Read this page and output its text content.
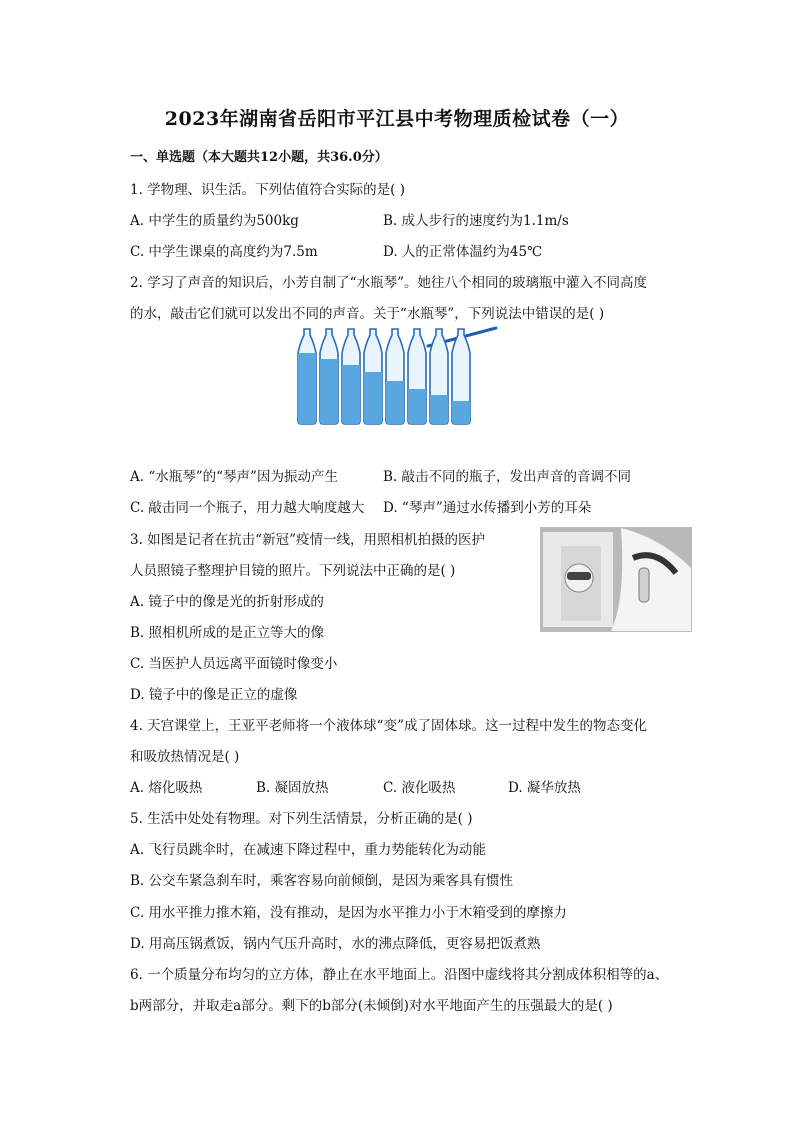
2023年湖南省岳阳市平江县中考物理质检试卷（一）
一、单选题（本大题共12小题，共36.0分）
1. 学物理、识生活。下列估值符合实际的是( )
A. 中学生的质量约为500kg	B. 成人步行的速度约为1.1m/s
C. 中学生课桌的高度约为7.5m	D. 人的正常体温约为45℃
2. 学习了声音的知识后，小芳自制了“水瓶琴”。她往八个相同的玻璃瓶中灌入不同高度
的水，敲击它们就可以发出不同的声音。关于“水瓶琴”，下列说法中错误的是( )
A. “水瓶琴”的“琴声”因为振动产生	B. 敲击不同的瓶子，发出声音的音调不同
C. 敲击同一个瓶子，用力越大响度越大 D. “琴声”通过水传播到小芳的耳朵
3. 如图是记者在抗击“新冠”疫情一线，用照相机拍摄的医护
人员照镜子整理护目镜的照片。下列说法中正确的是( )
A. 镜子中的像是光的折射形成的
B. 照相机所成的是正立等大的像
C. 当医护人员远离平面镜时像变小
D. 镜子中的像是正立的虚像
4. 天宫课堂上，王亚平老师将一个液体球“变”成了固体球。这一过程中发生的物态变化
和吸放热情况是( )
A. 熔化吸热	B. 凝固放热	C. 液化吸热	D. 凝华放热
5. 生活中处处有物理。对下列生活情景，分析正确的是( )
A. 飞行员跳伞时，在减速下降过程中，重力势能转化为动能
B. 公交车紧急刹车时，乘客容易向前倾倒，是因为乘客具有惯性
C. 用水平推力推木箱，没有推动，是因为水平推力小于木箱受到的摩擦力
D. 用高压锅煮饭，锅内气压升高时，水的沸点降低，更容易把饭煮熟
6. 一个质量分布均匀的立方体，静止在水平地面上。沿图中虚线将其分割成体积相等的a、
b两部分，并取走a部分。剩下的b部分(未倾倒)对水平地面产生的压强最大的是( )
